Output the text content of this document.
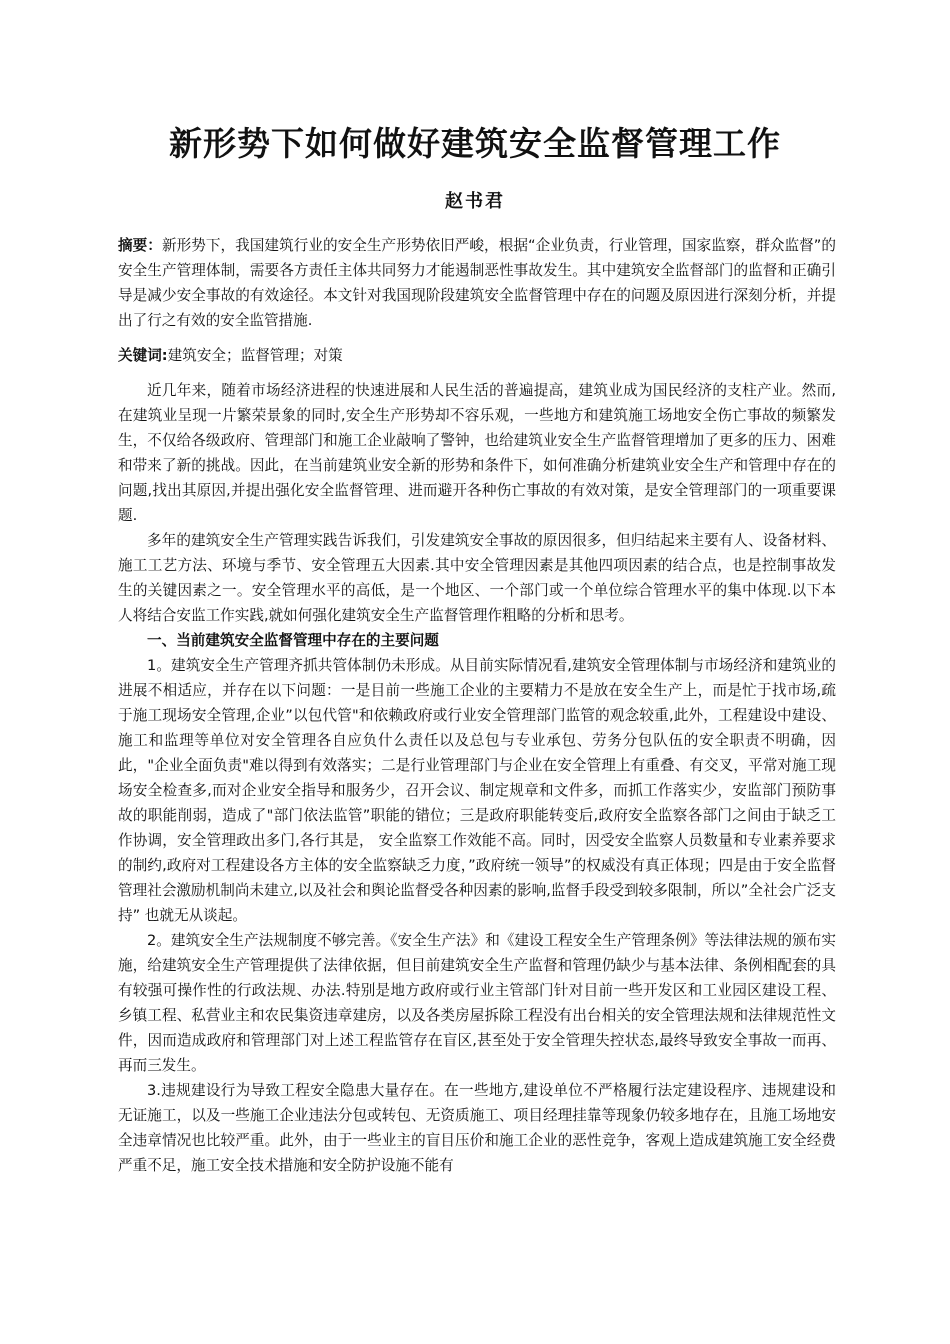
新形势下如何做好建筑安全监督管理工作
赵书君

摘要：新形势下，我国建筑行业的安全生产形势依旧严峻，根据“企业负责，行业管理，国家监察，群众监督”的安全生产管理体制，需要各方责任主体共同努力才能遏制恶性事故发生。其中建筑安全监督部门的监督和正确引导是减少安全事故的有效途径。本文针对我国现阶段建筑安全监督管理中存在的问题及原因进行深刻分析，并提出了行之有效的安全监管措施.

关键词:建筑安全；监督管理；对策

近几年来，随着市场经济进程的快速进展和人民生活的普遍提高，建筑业成为国民经济的支柱产业。然而,在建筑业呈现一片繁荣景象的同时,安全生产形势却不容乐观，一些地方和建筑施工场地安全伤亡事故的频繁发生，不仅给各级政府、管理部门和施工企业敲响了警钟，也给建筑业安全生产监督管理增加了更多的压力、困难和带来了新的挑战。因此，在当前建筑业安全新的形势和条件下，如何准确分析建筑业安全生产和管理中存在的问题,找出其原因,并提出强化安全监督管理、进而避开各种伤亡事故的有效对策，是安全管理部门的一项重要课题.

多年的建筑安全生产管理实践告诉我们，引发建筑安全事故的原因很多，但归结起来主要有人、设备材料、施工工艺方法、环境与季节、安全管理五大因素.其中安全管理因素是其他四项因素的结合点，也是控制事故发生的关键因素之一。安全管理水平的高低，是一个地区、一个部门或一个单位综合管理水平的集中体现.以下本人将结合安监工作实践,就如何强化建筑安全生产监督管理作粗略的分析和思考。

一、当前建筑安全监督管理中存在的主要问题

1。建筑安全生产管理齐抓共管体制仍未形成。从目前实际情况看,建筑安全管理体制与市场经济和建筑业的进展不相适应，并存在以下问题：一是目前一些施工企业的主要精力不是放在安全生产上，而是忙于找市场,疏于施工现场安全管理,企业”以包代管"和依赖政府或行业安全管理部门监管的观念较重,此外，工程建设中建设、施工和监理等单位对安全管理各自应负什么责任以及总包与专业承包、劳务分包队伍的安全职责不明确，因此，"企业全面负责"难以得到有效落实；二是行业管理部门与企业在安全管理上有重叠、有交叉，平常对施工现场安全检查多,而对企业安全指导和服务少，召开会议、制定规章和文件多，而抓工作落实少，安监部门预防事故的职能削弱，造成了"部门依法监管”职能的错位；三是政府职能转变后,政府安全监察各部门之间由于缺乏工作协调，安全管理政出多门,各行其是， 安全监察工作效能不高。同时，因受安全监察人员数量和专业素养要求的制约,政府对工程建设各方主体的安全监察缺乏力度，”政府统一领导”的权威没有真正体现；四是由于安全监督管理社会激励机制尚未建立,以及社会和舆论监督受各种因素的影响,监督手段受到较多限制，所以”全社会广泛支持” 也就无从谈起。

2。建筑安全生产法规制度不够完善。《安全生产法》和《建设工程安全生产管理条例》等法律法规的颁布实施，给建筑安全生产管理提供了法律依据，但目前建筑安全生产监督和管理仍缺少与基本法律、条例相配套的具有较强可操作性的行政法规、办法.特别是地方政府或行业主管部门针对目前一些开发区和工业园区建设工程、乡镇工程、私营业主和农民集资违章建房，以及各类房屋拆除工程没有出台相关的安全管理法规和法律规范性文件，因而造成政府和管理部门对上述工程监管存在盲区,甚至处于安全管理失控状态,最终导致安全事故一而再、再而三发生。

3.违规建设行为导致工程安全隐患大量存在。在一些地方,建设单位不严格履行法定建设程序、违规建设和无证施工，以及一些施工企业违法分包或转包、无资质施工、项目经理挂靠等现象仍较多地存在，且施工场地安全违章情况也比较严重。此外，由于一些业主的盲目压价和施工企业的恶性竞争，客观上造成建筑施工安全经费严重不足，施工安全技术措施和安全防护设施不能有
